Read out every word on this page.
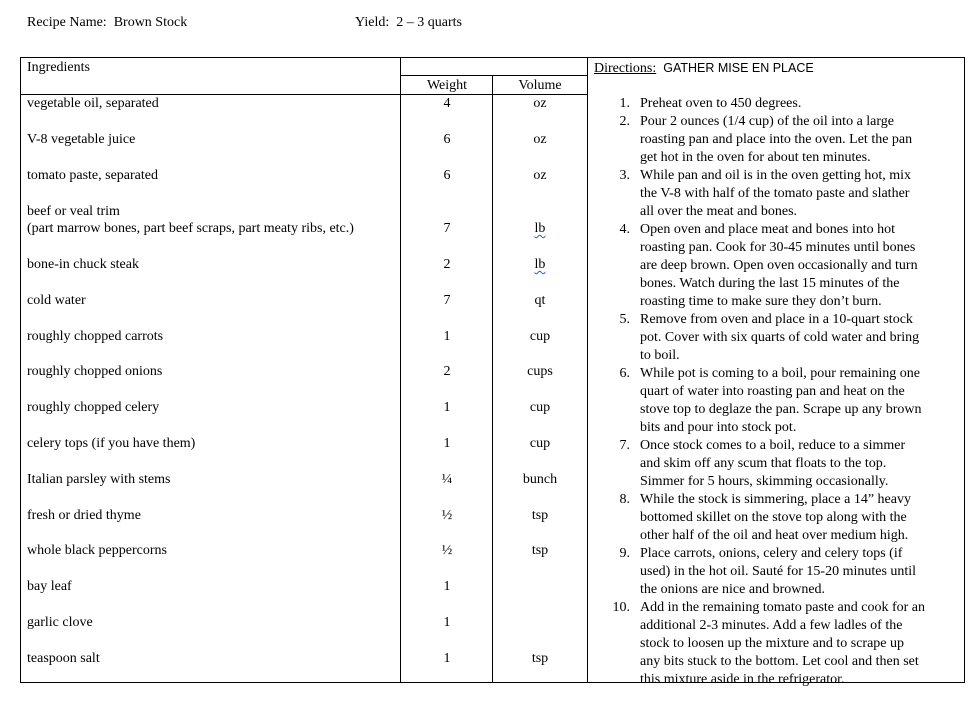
Recipe Name: Brown Stock	Yield: 2 – 3 quarts
Ingredients
Weight	Volume
Directions: GATHER MISE EN PLACE
vegetable oil, separated	4	oz
V-8 vegetable juice	6	oz
tomato paste, separated	6	oz
beef or veal trim
(part marrow bones, part beef scraps, part meaty ribs, etc.)	7	lb
bone-in chuck steak	2	lb
cold water	7	qt
roughly chopped carrots	1	cup
roughly chopped onions	2	cups
roughly chopped celery	1	cup
celery tops (if you have them)	1	cup
Italian parsley with stems	¼	bunch
fresh or dried thyme	½	tsp
whole black peppercorns	½	tsp
bay leaf	1
garlic clove	1
teaspoon salt	1	tsp
1. Preheat oven to 450 degrees.
2. Pour 2 ounces (1/4 cup) of the oil into a large
roasting pan and place into the oven. Let the pan
get hot in the oven for about ten minutes.
3. While pan and oil is in the oven getting hot, mix
the V-8 with half of the tomato paste and slather
all over the meat and bones.
4. Open oven and place meat and bones into hot
roasting pan. Cook for 30-45 minutes until bones
are deep brown. Open oven occasionally and turn
bones. Watch during the last 15 minutes of the
roasting time to make sure they don’t burn.
5. Remove from oven and place in a 10-quart stock
pot. Cover with six quarts of cold water and bring
to boil.
6. While pot is coming to a boil, pour remaining one
quart of water into roasting pan and heat on the
stove top to deglaze the pan. Scrape up any brown
bits and pour into stock pot.
7. Once stock comes to a boil, reduce to a simmer
and skim off any scum that floats to the top.
Simmer for 5 hours, skimming occasionally.
8. While the stock is simmering, place a 14” heavy
bottomed skillet on the stove top along with the
other half of the oil and heat over medium high.
9. Place carrots, onions, celery and celery tops (if
used) in the hot oil. Sauté for 15-20 minutes until
the onions are nice and browned.
10. Add in the remaining tomato paste and cook for an
additional 2-3 minutes. Add a few ladles of the
stock to loosen up the mixture and to scrape up
any bits stuck to the bottom. Let cool and then set
this mixture aside in the refrigerator.
